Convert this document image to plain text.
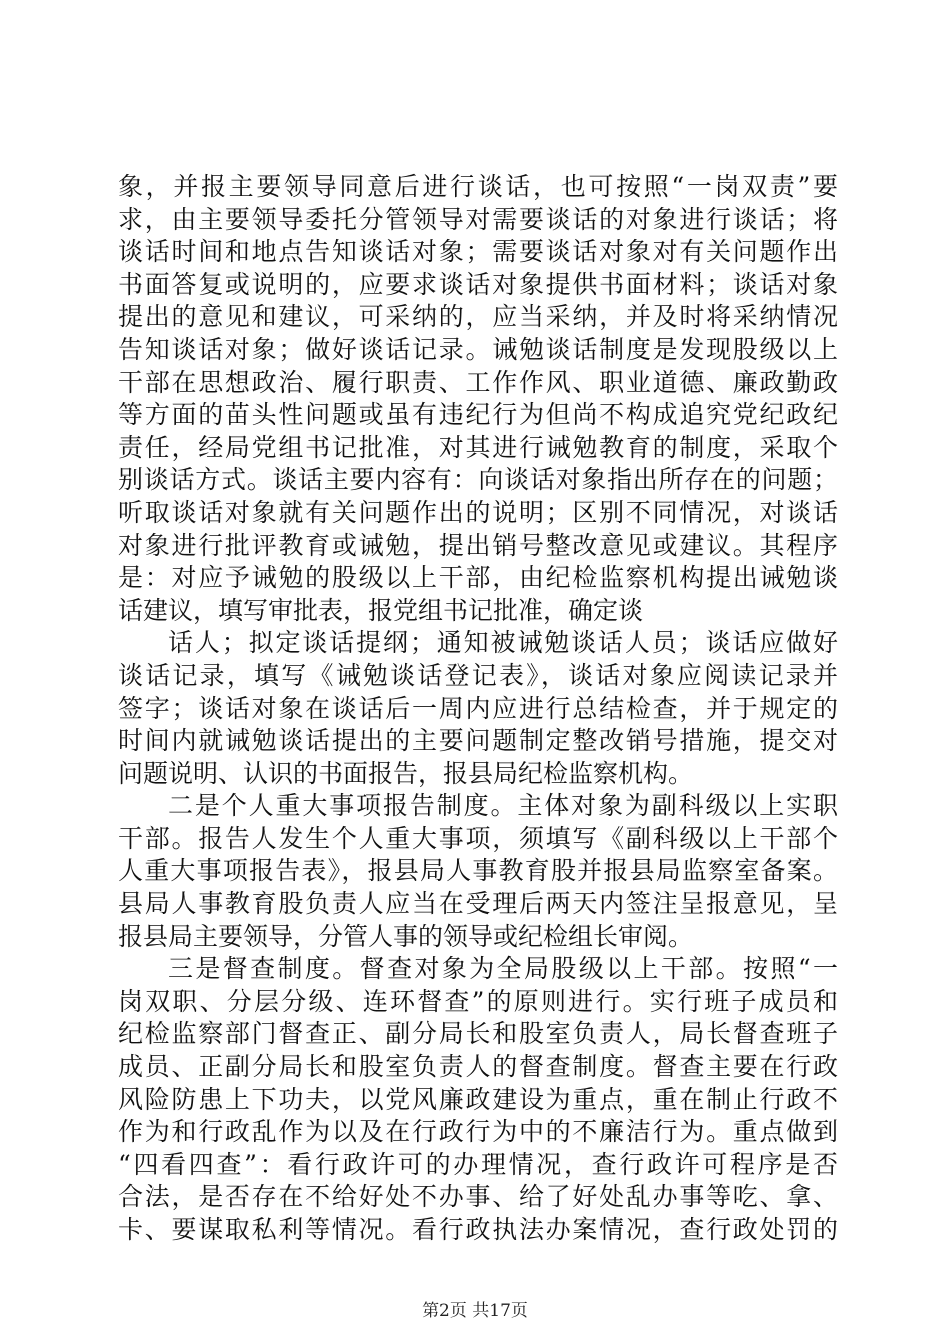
象，并报主要领导同意后进行谈话，也可按照“一岗双责”要
求，由主要领导委托分管领导对需要谈话的对象进行谈话；将
谈话时间和地点告知谈话对象；需要谈话对象对有关问题作出
书面答复或说明的，应要求谈话对象提供书面材料；谈话对象
提出的意见和建议，可采纳的，应当采纳，并及时将采纳情况
告知谈话对象；做好谈话记录。诫勉谈话制度是发现股级以上
干部在思想政治、履行职责、工作作风、职业道德、廉政勤政
等方面的苗头性问题或虽有违纪行为但尚不构成追究党纪政纪
责任，经局党组书记批准，对其进行诫勉教育的制度，采取个
别谈话方式。谈话主要内容有：向谈话对象指出所存在的问题；
听取谈话对象就有关问题作出的说明；区别不同情况，对谈话
对象进行批评教育或诫勉，提出销号整改意见或建议。其程序
是：对应予诫勉的股级以上干部，由纪检监察机构提出诫勉谈
话建议，填写审批表，报党组书记批准，确定谈
话人；拟定谈话提纲；通知被诫勉谈话人员；谈话应做好
谈话记录，填写《诫勉谈话登记表》，谈话对象应阅读记录并
签字；谈话对象在谈话后一周内应进行总结检查，并于规定的
时间内就诫勉谈话提出的主要问题制定整改销号措施，提交对
问题说明、认识的书面报告，报县局纪检监察机构。
二是个人重大事项报告制度。主体对象为副科级以上实职
干部。报告人发生个人重大事项，须填写《副科级以上干部个
人重大事项报告表》，报县局人事教育股并报县局监察室备案。
县局人事教育股负责人应当在受理后两天内签注呈报意见，呈
报县局主要领导，分管人事的领导或纪检组长审阅。
三是督查制度。督查对象为全局股级以上干部。按照“一
岗双职、分层分级、连环督查”的原则进行。实行班子成员和
纪检监察部门督查正、副分局长和股室负责人，局长督查班子
成员、正副分局长和股室负责人的督查制度。督查主要在行政
风险防患上下功夫，以党风廉政建设为重点，重在制止行政不
作为和行政乱作为以及在行政行为中的不廉洁行为。重点做到
“四看四查”：看行政许可的办理情况，查行政许可程序是否
合法，是否存在不给好处不办事、给了好处乱办事等吃、拿、
卡、要谋取私利等情况。看行政执法办案情况，查行政处罚的
第2页 共17页
